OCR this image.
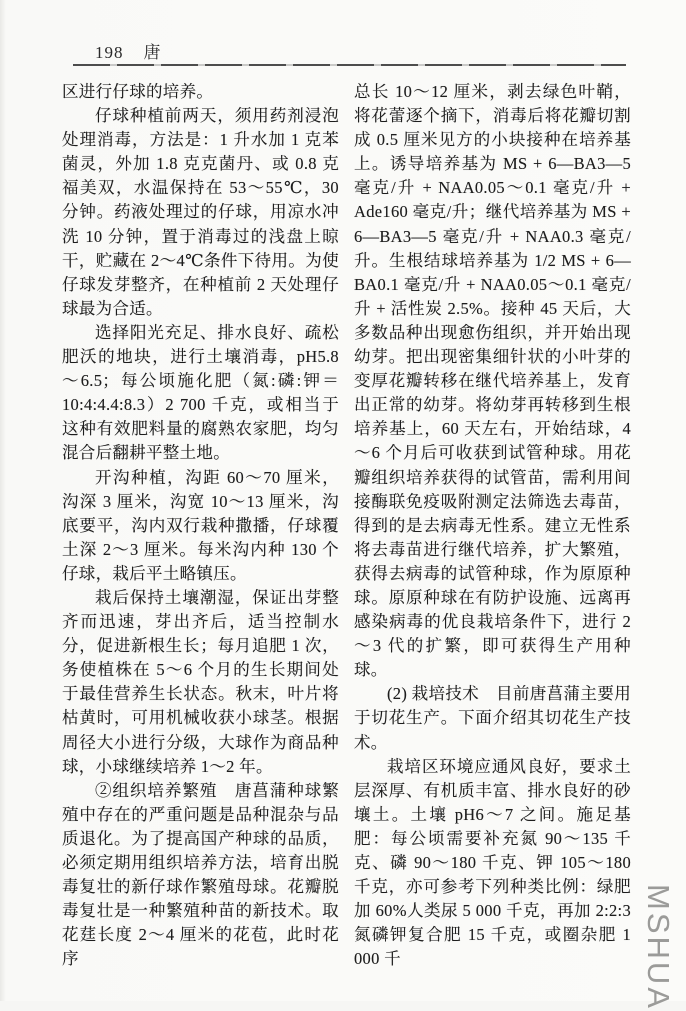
198 唐

区进行仔球的培养。

仔球种植前两天，须用药剂浸泡处理消毒，方法是：1 升水加 1 克苯菌灵，外加 1.8 克克菌丹、或 0.8 克福美双，水温保持在 53～55℃，30 分钟。药液处理过的仔球，用凉水冲洗 10 分钟，置于消毒过的浅盘上晾干，贮藏在 2～4℃条件下待用。为使仔球发芽整齐，在种植前 2 天处理仔球最为合适。

选择阳光充足、排水良好、疏松肥沃的地块，进行土壤消毒，pH5.8～6.5；每公顷施化肥（氮:磷:钾＝10:4:4.4:8.3）2 700 千克，或相当于这种有效肥料量的腐熟农家肥，均匀混合后翻耕平整土地。

开沟种植，沟距 60～70 厘米，沟深 3 厘米，沟宽 10～13 厘米，沟底要平，沟内双行栽种撒播，仔球覆土深 2～3 厘米。每米沟内种 130 个仔球，栽后平土略镇压。

栽后保持土壤潮湿，保证出芽整齐而迅速，芽出齐后，适当控制水分，促进新根生长；每月追肥 1 次，务使植株在 5～6 个月的生长期间处于最佳营养生长状态。秋末，叶片将枯黄时，可用机械收获小球茎。根据周径大小进行分级，大球作为商品种球，小球继续培养 1～2 年。

②组织培养繁殖　唐菖蒲种球繁殖中存在的严重问题是品种混杂与品质退化。为了提高国产种球的品质，必须定期用组织培养方法，培育出脱毒复壮的新仔球作繁殖母球。花瓣脱毒复壮是一种繁殖种苗的新技术。取花莛长度 2～4 厘米的花苞，此时花序

总长 10～12 厘米，剥去绿色叶鞘，将花蕾逐个摘下，消毒后将花瓣切割成 0.5 厘米见方的小块接种在培养基上。诱导培养基为 MS + 6—BA3—5 毫克/升 + NAA0.05～0.1 毫克/升 + Ade160 毫克/升；继代培养基为 MS + 6—BA3—5 毫克/升 + NAA0.3 毫克/升。生根结球培养基为 1/2 MS + 6—BA0.1 毫克/升 + NAA0.05～0.1 毫克/升 + 活性炭 2.5%。接种 45 天后，大多数品种出现愈伤组织，并开始出现幼芽。把出现密集细针状的小叶芽的变厚花瓣转移在继代培养基上，发育出正常的幼芽。将幼芽再转移到生根培养基上，60 天左右，开始结球，4～6 个月后可收获到试管种球。用花瓣组织培养获得的试管苗，需利用间接酶联免疫吸附测定法筛选去毒苗，得到的是去病毒无性系。建立无性系将去毒苗进行继代培养，扩大繁殖，获得去病毒的试管种球，作为原原种球。原原种球在有防护设施、远离再感染病毒的优良栽培条件下，进行 2～3 代的扩繁，即可获得生产用种球。

(2) 栽培技术　目前唐菖蒲主要用于切花生产。下面介绍其切花生产技术。

栽培区环境应通风良好，要求土层深厚、有机质丰富、排水良好的砂壤土。土壤 pH6～7 之间。施足基肥：每公顷需要补充氮 90～135 千克、磷 90～180 千克、钾 105～180 千克，亦可参考下列种类比例：绿肥加 60%人类尿 5 000 千克，再加 2:2:3 氮磷钾复合肥 15 千克，或圈杂肥 1 000 千	MSHUA
